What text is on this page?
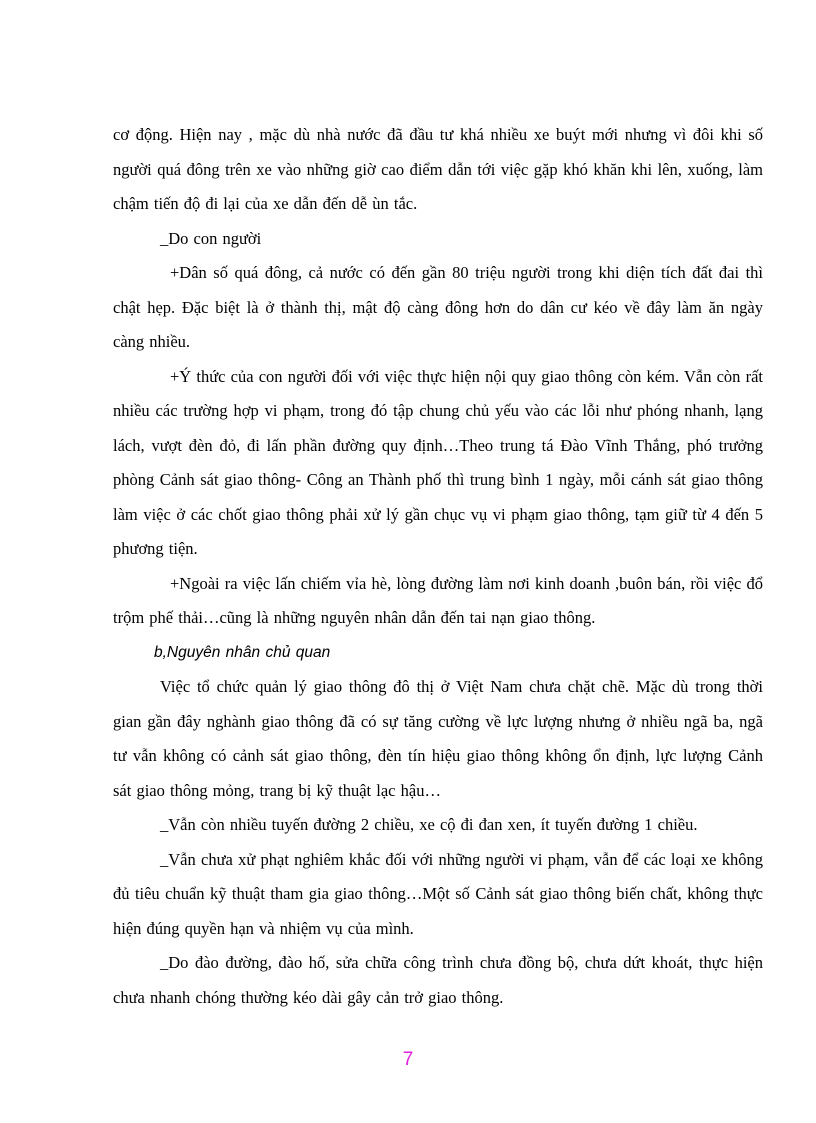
cơ động. Hiện nay , mặc dù nhà nước đã đầu tư khá nhiều xe buýt mới nhưng vì đôi khi số người quá đông trên xe vào những giờ cao điểm dẫn tới việc gặp khó khăn khi lên, xuống, làm chậm tiến độ đi lại của xe dẫn đến dễ ùn tắc.

_Do con người

+Dân số quá đông, cả nước có đến gần 80 triệu người trong khi diện tích đất đai thì chật hẹp. Đặc biệt là ở thành thị, mật độ càng đông hơn do dân cư kéo về đây làm ăn ngày càng nhiều.

+Ý thức của con người đối với việc thực hiện nội quy giao thông còn kém. Vẫn còn rất nhiều các trường hợp vi phạm, trong đó tập chung chủ yếu vào các lỗi như phóng nhanh, lạng lách, vượt đèn đỏ, đi lấn phần đường quy định…Theo trung tá Đào Vĩnh Thắng, phó trưởng phòng Cảnh sát giao thông- Công an Thành phố thì trung bình 1 ngày, mỗi cánh sát giao thông làm việc ở các chốt giao thông phải xử lý gần chục vụ vi phạm giao thông, tạm giữ từ 4 đến 5 phương tiện.

+Ngoài ra việc lấn chiếm vỉa hè, lòng đường làm nơi kinh doanh ,buôn bán, rồi việc đổ trộm phế thải…cũng là những nguyên nhân dẫn đến tai nạn giao thông.

b,Nguyên nhân chủ quan

Việc tổ chức quản lý giao thông đô thị ở Việt Nam chưa chặt chẽ. Mặc dù trong thời gian gần đây nghành giao thông đã có sự tăng cường về lực lượng nhưng ở nhiều ngã ba, ngã tư vẫn không có cảnh sát giao thông, đèn tín hiệu giao thông không ổn định, lực lượng Cảnh sát giao thông mỏng, trang bị kỹ thuật lạc hậu…

_Vẫn còn nhiều tuyến đường 2 chiều, xe cộ đi đan xen, ít tuyến đường 1 chiều.

_Vẫn chưa xử phạt nghiêm khắc đối với những người vi phạm, vẫn để các loại xe không đủ tiêu chuẩn kỹ thuật tham gia giao thông…Một số Cảnh sát giao thông biến chất, không thực hiện đúng quyền hạn và nhiệm vụ của mình.

_Do đào đường, đào hố, sửa chữa công trình chưa đồng bộ, chưa dứt khoát, thực hiện chưa nhanh chóng thường kéo dài gây cản trở giao thông.

7
